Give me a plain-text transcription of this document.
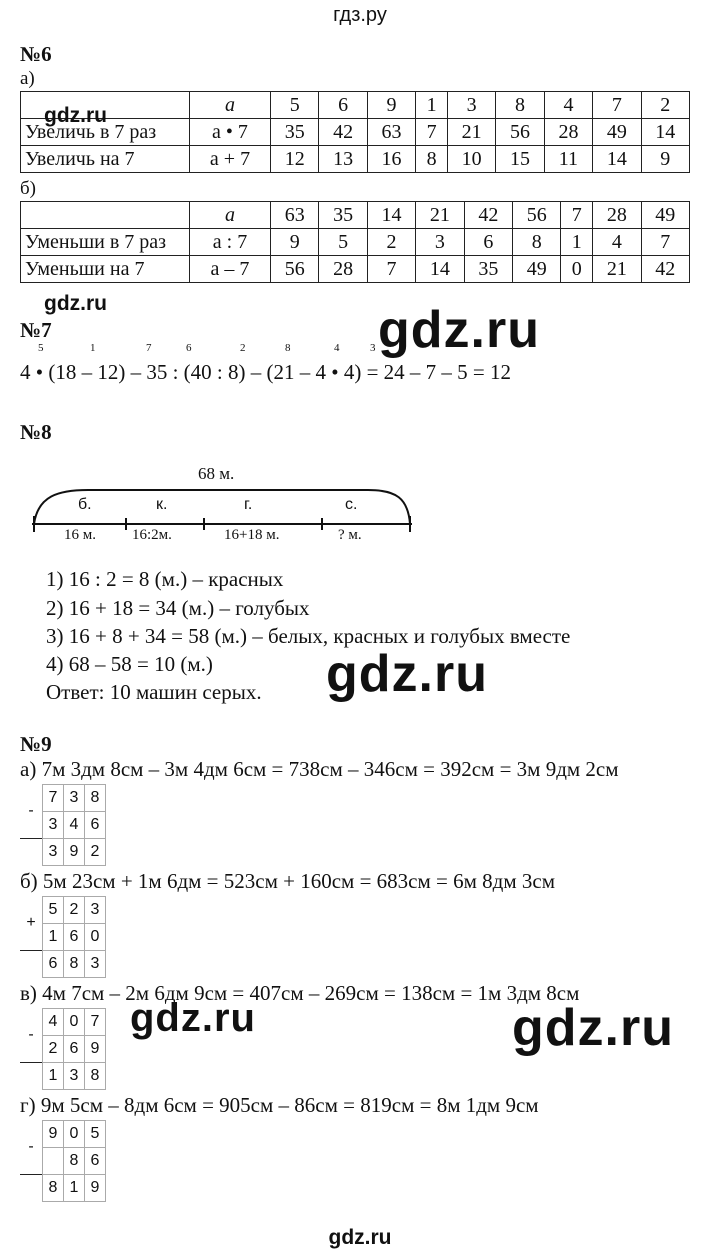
гдз.ру
№6
а)
	a	5	6	9	1	3	8	4	7	2
Увеличь в 7 раз	a • 7	35	42	63	7	21	56	28	49	14
Увеличь на 7	a + 7	12	13	16	8	10	15	11	14	9
б)
	a	63	35	14	21	42	56	7	28	49
Уменьши в 7 раз	a : 7	9	5	2	3	6	8	1	4	7
Уменьши на 7	a – 7	56	28	7	14	35	49	0	21	42
gdz.ru
gdz.ru
№7	gdz.ru
5	1	7	6	2	8	4	3
4 • (18 – 12) – 35 : (40 : 8) – (21 – 4 • 4) = 24 – 7 – 5 = 12
№8
68 м.
б.	к.	г.	с.
16 м. 16:2м.	16+18 м.	? м.
1) 16 : 2 = 8 (м.) – красных
2) 16 + 18 = 34 (м.) – голубых
3) 16 + 8 + 34 = 58 (м.) – белых, красных и голубых вместе
4) 68 – 58 = 10 (м.)
Ответ: 10 машин серых. gdz.ru
№9
а) 7м 3дм 8см – 3м 4дм 6см = 738см – 346см = 392см = 3м 9дм 2см
-	7	3	8
	3	4	6
	3	9	2
б) 5м 23см + 1м 6дм = 523см + 160см = 683см = 6м 8дм 3см
+	5	2	3
	1	6	0
	6	8	3
в) 4м 7см – 2м 6дм 9см = 407см – 269см = 138см = 1м 3дм 8см
-	4	0	7
	2	6	9
	1	3	8
г) 9м 5см – 8дм 6см = 905см – 86см = 819см = 8м 1дм 9см
-	9	0	5
		8	6
	8	1	9
gdz.ru	gdz.ru
gdz.ru
